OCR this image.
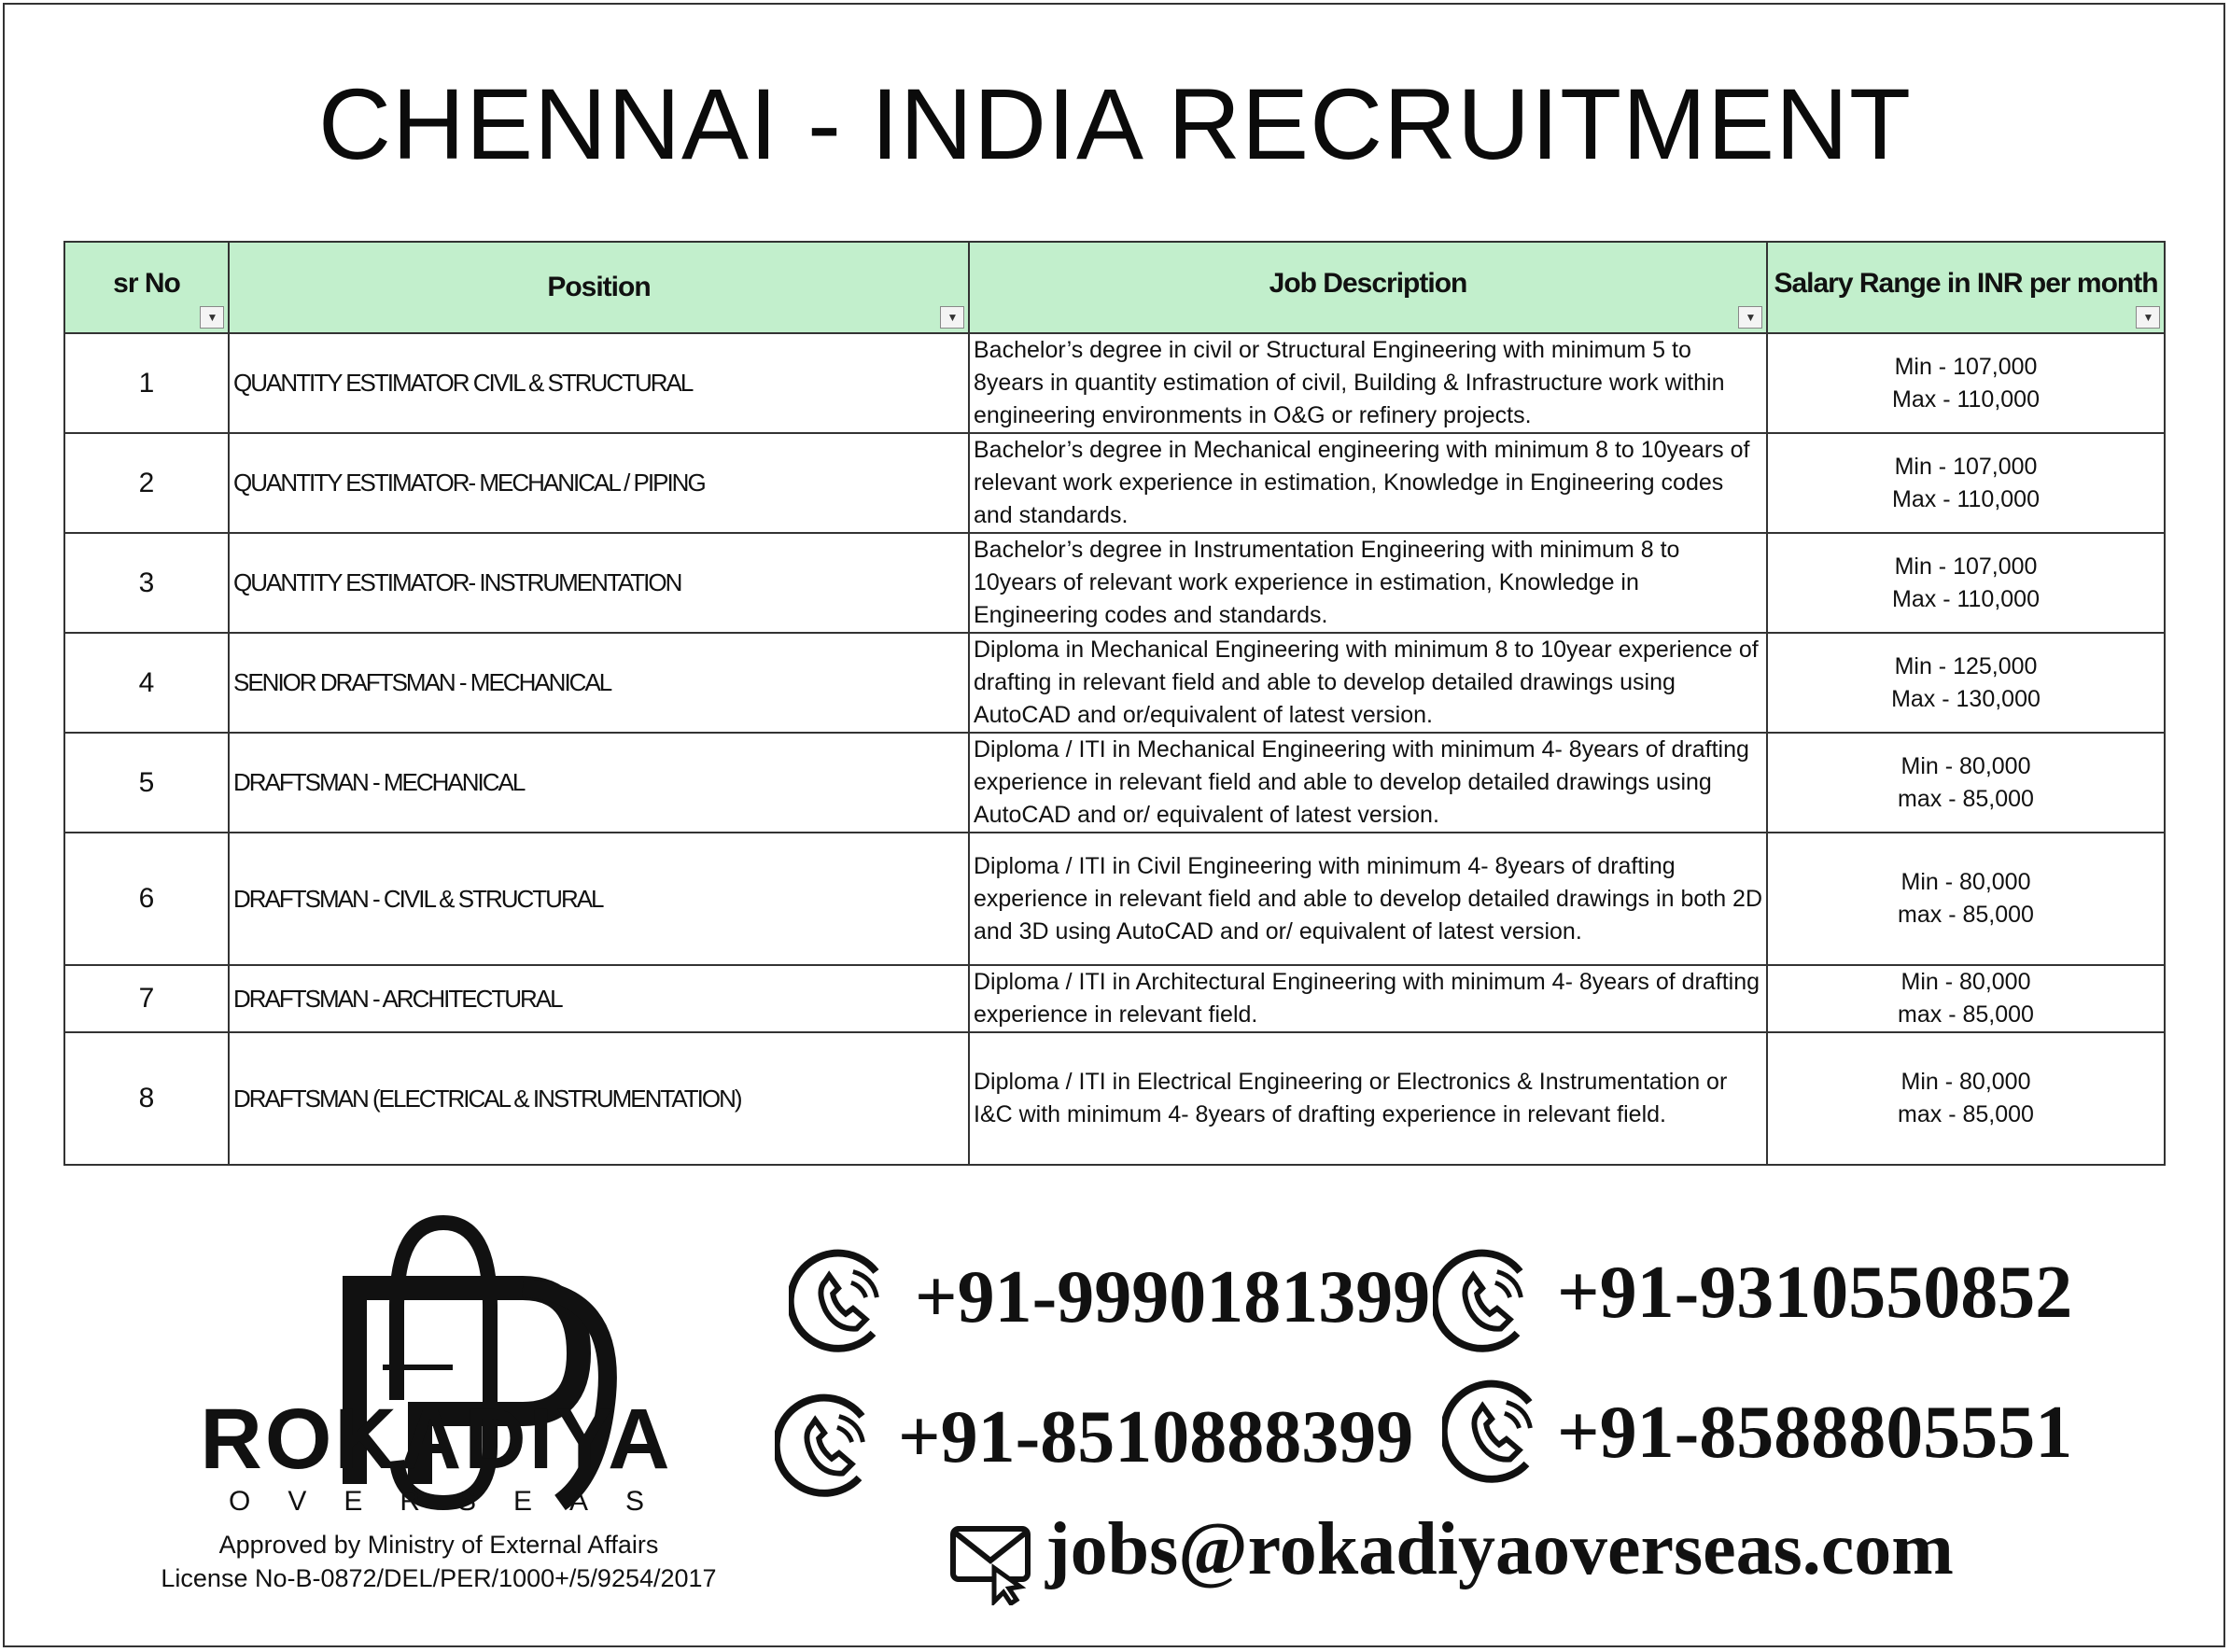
CHENNAI - INDIA RECRUITMENT
sr No
▼	Position
▼	Job Description
▼	Salary Range in INR per month
▼

1	QUANTITY ESTIMATOR CIVIL & STRUCTURAL	Bachelor’s degree in civil or Structural Engineering with minimum 5 to 8years in quantity estimation of civil, Building & Infrastructure work within engineering environments in O&G or refinery projects.	Min - 107,000
Max - 110,000

2	QUANTITY ESTIMATOR- MECHANICAL / PIPING	Bachelor’s degree in Mechanical engineering with minimum 8 to 10years of relevant work experience in estimation, Knowledge in Engineering codes and standards.	Min - 107,000
Max - 110,000

3	QUANTITY ESTIMATOR- INSTRUMENTATION	Bachelor’s degree in Instrumentation Engineering with minimum 8 to 10years of relevant work experience in estimation, Knowledge in Engineering codes and standards.	Min - 107,000
Max - 110,000

4	SENIOR DRAFTSMAN - MECHANICAL	Diploma in Mechanical Engineering with minimum 8 to 10year experience of drafting in relevant field and able to develop detailed drawings using AutoCAD and or/equivalent of latest version.	Min - 125,000
Max - 130,000

5	DRAFTSMAN - MECHANICAL	Diploma / ITI in Mechanical Engineering with minimum 4- 8years of drafting experience in relevant field and able to develop detailed drawings using AutoCAD and or/ equivalent of latest version.	Min - 80,000
max - 85,000

6	DRAFTSMAN - CIVIL & STRUCTURAL	Diploma / ITI in Civil Engineering with minimum 4- 8years of drafting experience in relevant field and able to develop detailed drawings in both 2D and 3D using AutoCAD and or/ equivalent of latest version.	Min - 80,000
max - 85,000

7	DRAFTSMAN - ARCHITECTURAL	Diploma / ITI in Architectural Engineering with minimum 4- 8years of drafting experience in relevant field.	Min - 80,000
max - 85,000

8	DRAFTSMAN (ELECTRICAL & INSTRUMENTATION)	Diploma / ITI in Electrical Engineering or Electronics & Instrumentation or I&C with minimum 4- 8years of drafting experience in relevant field.	Min - 80,000
max - 85,000
ROKADIYA
OVERSEAS
Approved by Ministry of External Affairs
License No-B-0872/DEL/PER/1000+/5/9254/2017
+91-9990181399 +91-9310550852
+91-8510888399 +91-8588805551
jobs@rokadiyaoverseas.com
